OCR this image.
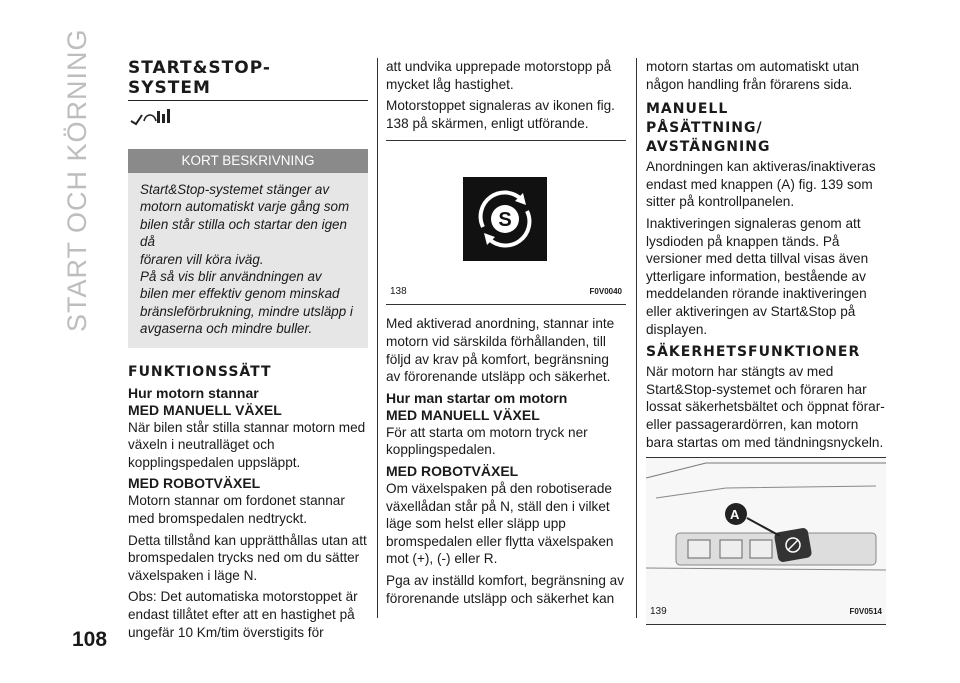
START OCH KÖRNING
108
START&STOP-
SYSTEM
KORT BESKRIVNING
Start&Stop-systemet stänger av
motorn automatiskt varje gång som
bilen står stilla och startar den igen då
föraren vill köra iväg.
På så vis blir användningen av
bilen mer effektiv genom minskad
bränsleförbrukning, mindre utsläpp i
avgaserna och mindre buller.
FUNKTIONSSÄTT
Hur motorn stannar
MED MANUELL VÄXEL

När bilen står stilla stannar motorn med växeln i neutralläget och kopplingspedalen uppsläppt.

MED ROBOTVÄXEL

Motorn stannar om fordonet stannar med bromspedalen nedtryckt.

Detta tillstånd kan upprätthållas utan att bromspedalen trycks ned om du sätter växelspaken i läge N.

Obs: Det automatiska motorstoppet är endast tillåtet efter att en hastighet på ungefär 10 Km/tim överstigits för

att undvika upprepade motorstopp på mycket låg hastighet.

Motorstoppet signaleras av ikonen fig. 138 på skärmen, enligt utförande.

S
138	F0V0040

Med aktiverad anordning, stannar inte motorn vid särskilda förhållanden, till följd av krav på komfort, begränsning av förorenande utsläpp och säkerhet.

Hur man startar om motorn
MED MANUELL VÄXEL

För att starta om motorn tryck ner kopplingspedalen.

MED ROBOTVÄXEL

Om växelspaken på den robotiserade växellådan står på N, ställ den i vilket läge som helst eller släpp upp bromspedalen eller flytta växelspaken mot (+), (-) eller R.

Pga av inställd komfort, begränsning av förorenande utsläpp och säkerhet kan

motorn startas om automatiskt utan någon handling från förarens sida.

MANUELL
PÅSÄTTNING/
AVSTÄNGNING

Anordningen kan aktiveras/inaktiveras endast med knappen (A) fig. 139 som sitter på kontrollpanelen.

Inaktiveringen signaleras genom att lysdioden på knappen tänds. På versioner med detta tillval visas även ytterligare information, bestående av meddelanden rörande inaktiveringen eller aktiveringen av Start&Stop på displayen.

SÄKERHETSFUNKTIONER

När motorn har stängts av med Start&Stop-systemet och föraren har lossat säkerhetsbältet och öppnat förar- eller passagerardörren, kan motorn bara startas om med tändningsnyckeln.

A
139	F0V0514
